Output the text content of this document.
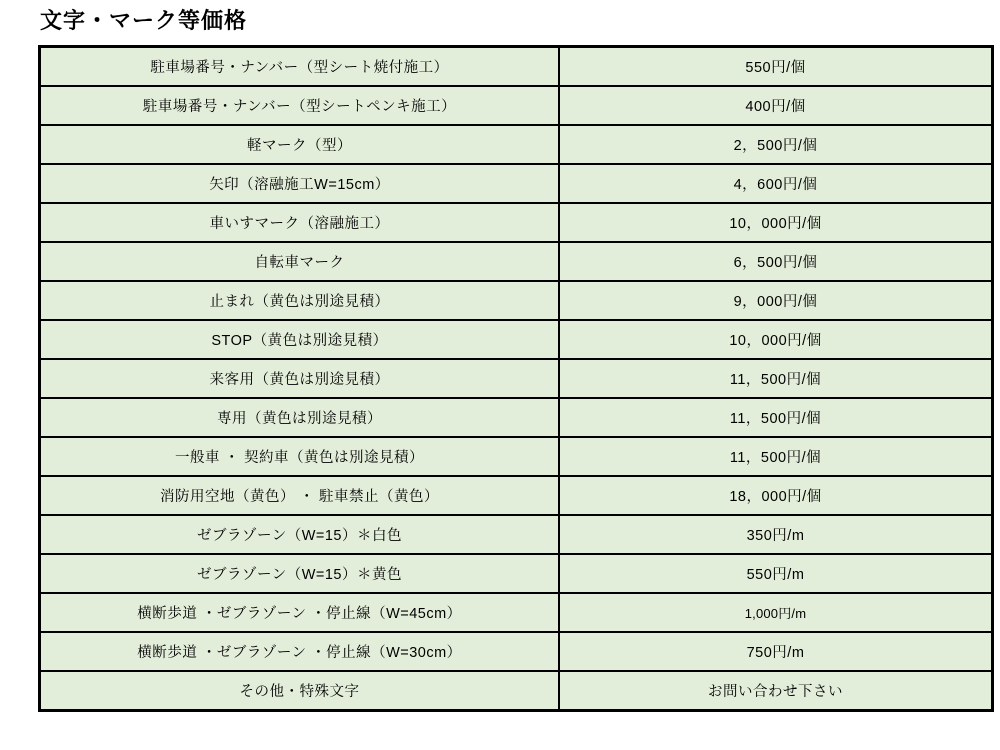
文字・マーク等価格
駐車場番号・ナンバー（型シート焼付施工）	550円/個
駐車場番号・ナンバー（型シートペンキ施工）	400円/個
軽マーク（型）	2，500円/個
矢印（溶融施工W=15cm）	4，600円/個
車いすマーク（溶融施工）	10，000円/個
自転車マーク	6，500円/個
止まれ（黄色は別途見積）	9，000円/個
STOP（黄色は別途見積）	10，000円/個
来客用（黄色は別途見積）	11，500円/個
専用（黄色は別途見積）	11，500円/個
一般車 ・ 契約車（黄色は別途見積）	11，500円/個
消防用空地（黄色） ・ 駐車禁止（黄色）	18，000円/個
ゼブラゾーン（W=15）＊白色	350円/m
ゼブラゾーン（W=15）＊黄色	550円/m
横断歩道 ・ゼブラゾーン ・停止線（W=45cm）	1,000円/m
横断歩道 ・ゼブラゾーン ・停止線（W=30cm）	750円/m
その他・特殊文字	お問い合わせ下さい
